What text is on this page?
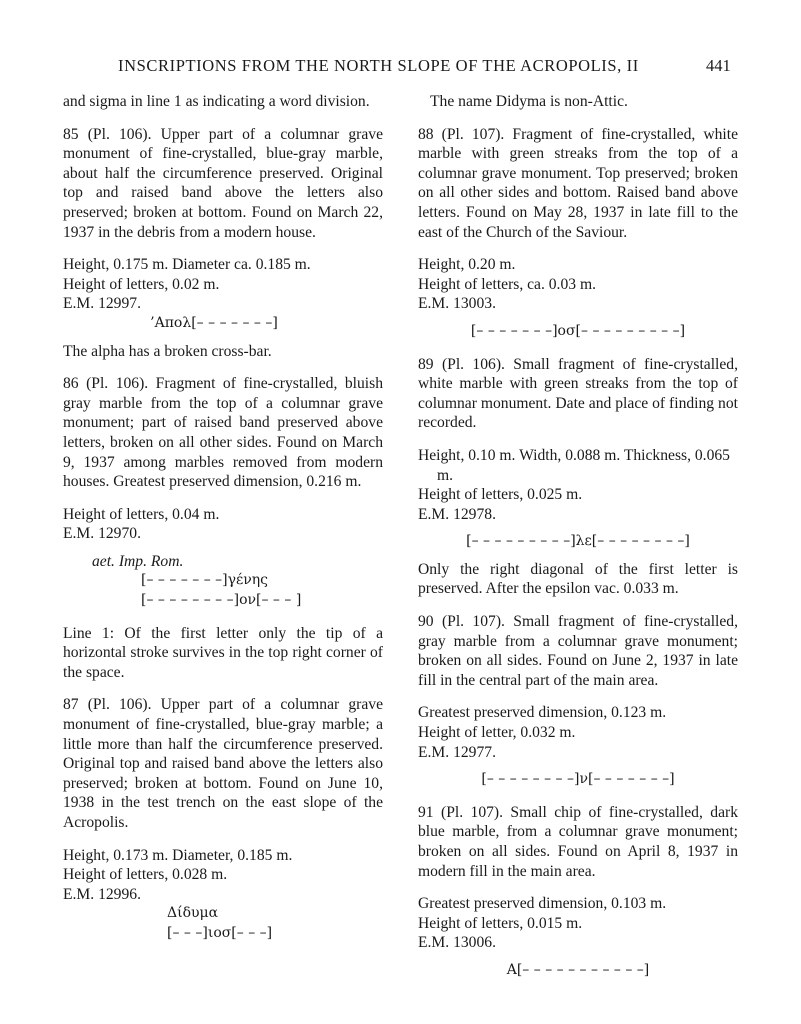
INSCRIPTIONS FROM THE NORTH SLOPE OF THE ACROPOLIS, II	441

and sigma in line 1 as indicating a word division.

85 (Pl. 106). Upper part of a columnar grave monument of fine-crystalled, blue-gray marble, about half the circumference preserved. Original top and raised band above the letters also preserved; broken at bottom. Found on March 22, 1937 in the debris from a modern house.

Height, 0.175 m. Diameter ca. 0.185 m.

Height of letters, 0.02 m.

E.M. 12997.

’Απολ[– – – – – – –]

The alpha has a broken cross-bar.

86 (Pl. 106). Fragment of fine-crystalled, bluish gray marble from the top of a columnar grave monument; part of raised band preserved above letters, broken on all other sides. Found on March 9, 1937 among marbles removed from modern houses. Greatest preserved dimension, 0.216 m.

Height of letters, 0.04 m.

E.M. 12970.

aet. Imp. Rom.

[– – – – – – –]γένης

[– – – – – – – –]ον[– – – ]

Line 1: Of the first letter only the tip of a horizontal stroke survives in the top right corner of the space.

87 (Pl. 106). Upper part of a columnar grave monument of fine-crystalled, blue-gray marble; a little more than half the circumference preserved. Original top and raised band above the letters also preserved; broken at bottom. Found on June 10, 1938 in the test trench on the east slope of the Acropolis.

Height, 0.173 m. Diameter, 0.185 m.

Height of letters, 0.028 m.

E.M. 12996.

Δίδυμα

[– – –]ιοσ[– – –]

The name Didyma is non-Attic.

88 (Pl. 107). Fragment of fine-crystalled, white marble with green streaks from the top of a columnar grave monument. Top preserved; broken on all other sides and bottom. Raised band above letters. Found on May 28, 1937 in late fill to the east of the Church of the Saviour.

Height, 0.20 m.

Height of letters, ca. 0.03 m.

E.M. 13003.

[– – – – – – –]οσ[– – – – – – – – –]

89 (Pl. 106). Small fragment of fine-crystalled, white marble with green streaks from the top of columnar monument. Date and place of finding not recorded.

Height, 0.10 m. Width, 0.088 m. Thickness, 0.065 m.

Height of letters, 0.025 m.

E.M. 12978.

[– – – – – – – – –]λε[– – – – – – – –]

Only the right diagonal of the first letter is preserved. After the epsilon vac. 0.033 m.

90 (Pl. 107). Small fragment of fine-crystalled, gray marble from a columnar grave monument; broken on all sides. Found on June 2, 1937 in late fill in the central part of the main area.

Greatest preserved dimension, 0.123 m.

Height of letter, 0.032 m.

E.M. 12977.

[– – – – – – – –]ν[– – – – – – –]

91 (Pl. 107). Small chip of fine-crystalled, dark blue marble, from a columnar grave monument; broken on all sides. Found on April 8, 1937 in modern fill in the main area.

Greatest preserved dimension, 0.103 m.

Height of letters, 0.015 m.

E.M. 13006.

Α[– – – – – – – – – – –]
